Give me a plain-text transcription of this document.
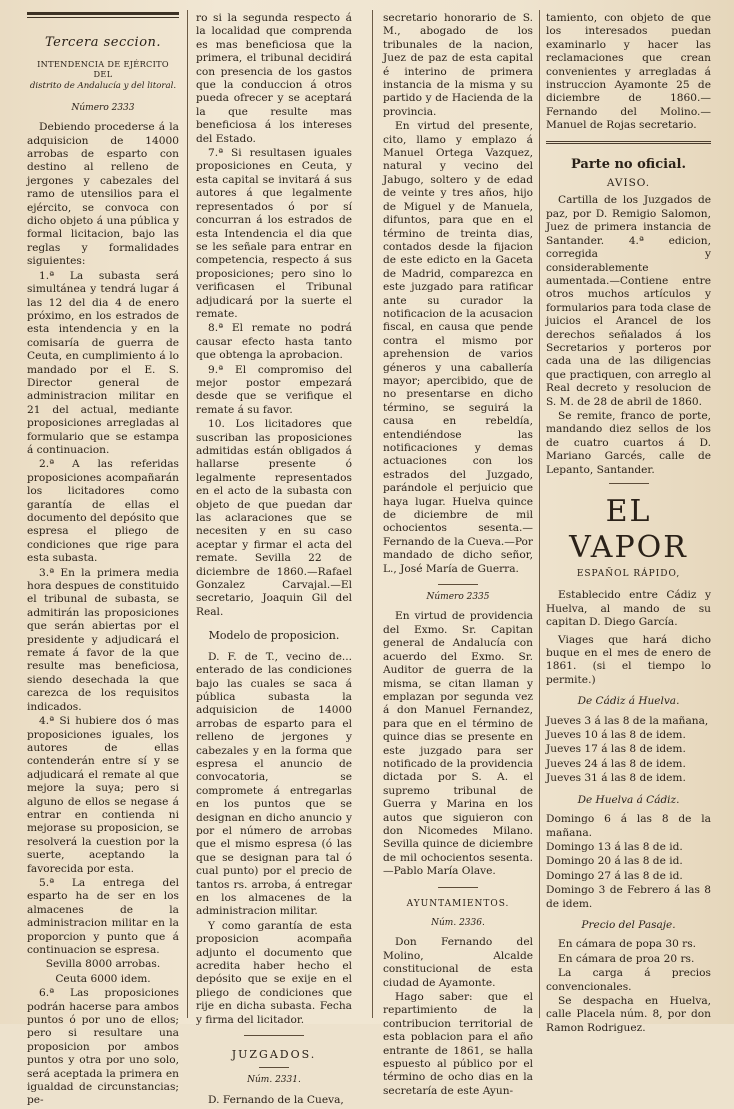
Tercera seccion.

INTENDENCIA DE EJÉRCITO DEL

distrito de Andalucía y del litoral.

Número 2333

Debiendo procederse á la adquisicion de 14000 arrobas de esparto con destino al relleno de jergones y cabezales del ramo de utensilios para el ejército, se convoca con dicho objeto á una pública y formal licitacion, bajo las reglas y formalidades siguientes:

1.ª La subasta será simultánea y tendrá lugar á las 12 del dia 4 de enero próximo, en los estrados de esta intendencia y en la comisaría de guerra de Ceuta, en cumplimiento á lo mandado por el E. S. Director general de administracion militar en 21 del actual, mediante proposiciones arregladas al formulario que se estampa á continuacion.

2.ª A las referidas proposiciones acompañarán los licitadores como garantía de ellas el documento del depósito que espresa el pliego de condiciones que rige para esta subasta.

3.ª En la primera media hora despues de constituido el tribunal de subasta, se admitirán las proposiciones que serán abiertas por el presidente y adjudicará el remate á favor de la que resulte mas beneficiosa, siendo desechada la que carezca de los requisitos indicados.

4.ª Si hubiere dos ó mas proposiciones iguales, los autores de ellas contenderán entre sí y se adjudicará el remate al que mejore la suya; pero si alguno de ellos se negase á entrar en contienda ni mejorase su proposicion, se resolverá la cuestion por la suerte, aceptando la favorecida por esta.

5.ª La entrega del esparto ha de ser en los almacenes de la administracion militar en la proporcion y punto que á continuacion se espresa.

Sevilla 8000 arrobas.

Ceuta 6000 idem.

6.ª Las proposiciones podrán hacerse para ambos puntos ó por uno de ellos; pero si resultare una proposicion por ambos puntos y otra por uno solo, será aceptada la primera en igualdad de circunstancias; pe-

ro si la segunda respecto á la localidad que comprenda es mas beneficiosa que la primera, el tribunal decidirá con presencia de los gastos que la conduccion á otros pueda ofrecer y se aceptará la que resulte mas beneficiosa á los intereses del Estado.

7.ª Si resultasen iguales proposiciones en Ceuta, y esta capital se invitará á sus autores á que legalmente representados ó por sí concurran á los estrados de esta Intendencia el dia que se les señale para entrar en competencia, respecto á sus proposiciones; pero sino lo verificasen el Tribunal adjudicará por la suerte el remate.

8.ª El remate no podrá causar efecto hasta tanto que obtenga la aprobacion.

9.ª El compromiso del mejor postor empezará desde que se verifique el remate á su favor.

10. Los licitadores que suscriban las proposiciones admitidas están obligados á hallarse presente ó legalmente representados en el acto de la subasta con objeto de que puedan dar las aclaraciones que se necesiten y en su caso aceptar y firmar el acta del remate. Sevilla 22 de diciembre de 1860.—Rafael Gonzalez Carvajal.—El secretario, Joaquin Gil del Real.

Modelo de proposicion.

D. F. de T., vecino de... enterado de las condiciones bajo las cuales se saca á pública subasta la adquisicion de 14000 arrobas de esparto para el relleno de jergones y cabezales y en la forma que espresa el anuncio de convocatoria, se compromete á entregarlas en los puntos que se designan en dicho anuncio y por el número de arrobas que el mismo espresa (ó las que se designan para tal ó cual punto) por el precio de tantos rs. arroba, á entregar en los almacenes de la administracion militar.

Y como garantía de esta proposicion acompaña adjunto el documento que acredita haber hecho el depósito que se exije en el pliego de condiciones que rije en dicha subasta. Fecha y firma del licitador.

JUZGADOS.

Núm. 2331.

D. Fernando de la Cueva,

secretario honorario de S. M., abogado de los tribunales de la nacion, Juez de paz de esta capital é interino de primera instancia de la misma y su partido y de Hacienda de la provincia.

En virtud del presente, cito, llamo y emplazo á Manuel Ortega Vazquez, natural y vecino del Jabugo, soltero y de edad de veinte y tres años, hijo de Miguel y de Manuela, difuntos, para que en el término de treinta dias, contados desde la fijacion de este edicto en la Gaceta de Madrid, comparezca en este juzgado para ratificar ante su curador la notificacion de la acusacion fiscal, en causa que pende contra el mismo por aprehension de varios géneros y una caballería mayor; apercibido, que de no presentarse en dicho término, se seguirá la causa en rebeldía, entendiéndose las notificaciones y demas actuaciones con los estrados del Juzgado, parándole el perjuicio que haya lugar. Huelva quince de diciembre de mil ochocientos sesenta.—Fernando de la Cueva.—Por mandado de dicho señor, L., José María de Guerra.

Número 2335

En virtud de providencia del Exmo. Sr. Capitan general de Andalucía con acuerdo del Exmo. Sr. Auditor de guerra de la misma, se citan llaman y emplazan por segunda vez á don Manuel Fernandez, para que en el término de quince dias se presente en este juzgado para ser notificado de la providencia dictada por S. A. el supremo tribunal de Guerra y Marina en los autos que siguieron con don Nicomedes Milano. Sevilla quince de diciembre de mil ochocientos sesenta.—Pablo María Olave.

AYUNTAMIENTOS.

Núm. 2336.

Don Fernando del Molino, Alcalde constitucional de esta ciudad de Ayamonte.

Hago saber: que el repartimiento de la contribucion territorial de esta poblacion para el año entrante de 1861, se halla espuesto al público por el término de ocho dias en la secretaría de este Ayun-

tamiento, con objeto de que los interesados puedan examinarlo y hacer las reclamaciones que crean convenientes y arregladas á instruccion Ayamonte 25 de diciembre de 1860.—Fernando del Molino.—Manuel de Rojas secretario.

Parte no oficial.

AVISO.

Cartilla de los Juzgados de paz, por D. Remigio Salomon, Juez de primera instancia de Santander. 4.ª edicion, corregida y considerablemente aumentada.—Contiene entre otros muchos artículos y formularios para toda clase de juicios el Arancel de los derechos señalados á los Secretarios y porteros por cada una de las diligencias que practiquen, con arreglo al Real decreto y resolucion de S. M. de 28 de abril de 1860.

Se remite, franco de porte, mandando diez sellos de los de cuatro cuartos á D. Mariano Garcés, calle de Lepanto, Santander.

EL VAPOR

ESPAÑOL RÁPIDO,

Establecido entre Cádiz y Huelva, al mando de su capitan D. Diego García.

Viages que hará dicho buque en el mes de enero de 1861. (si el tiempo lo permite.)

De Cádiz á Huelva.

Jueves 3 á las 8 de la mañana,

Jueves 10 á las 8 de idem.

Jueves 17 á las 8 de idem.

Jueves 24 á las 8 de idem.

Jueves 31 á las 8 de idem.

De Huelva á Cádiz.

Domingo 6 á las 8 de la mañana.

Domingo 13 á las 8 de id.

Domingo 20 á las 8 de id.

Domingo 27 á las 8 de id.

Domingo 3 de Febrero á las 8 de idem.

Precio del Pasaje.

En cámara de popa 30 rs.

En cámara de proa 20 rs.

La carga á precios convencionales.

Se despacha en Huelva, calle Placela núm. 8, por don Ramon Rodriguez.
